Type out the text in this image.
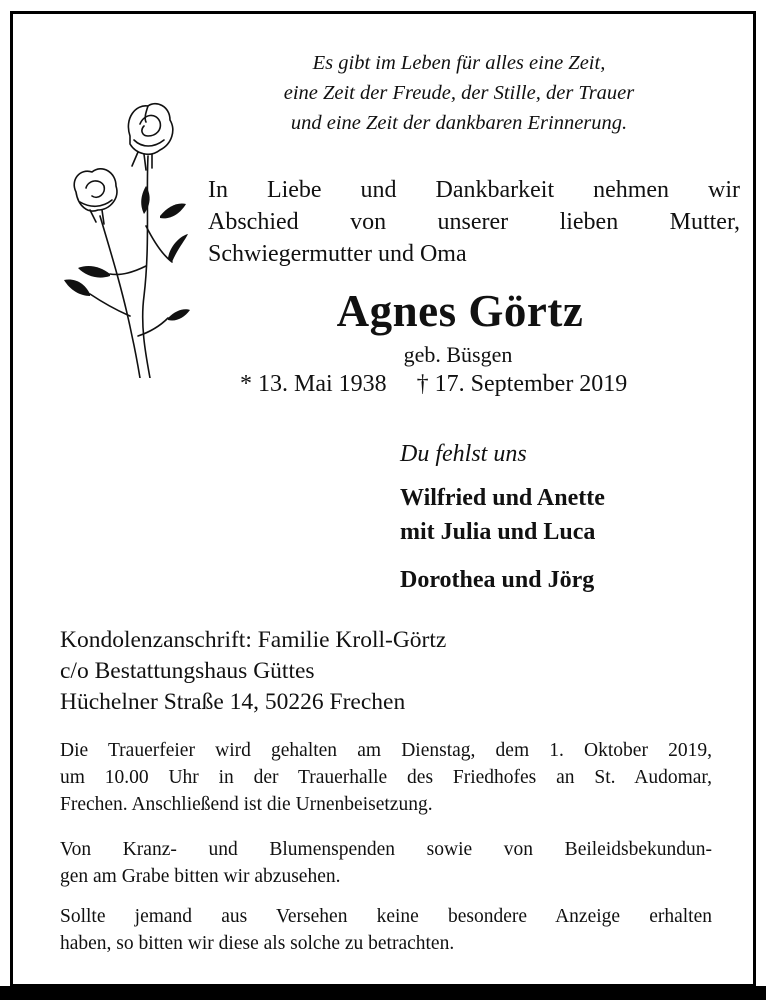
Es gibt im Leben für alles eine Zeit,
eine Zeit der Freude, der Stille, der Trauer
und eine Zeit der dankbaren Erinnerung.
In Liebe und Dankbarkeit nehmen wir
Abschied von unserer lieben Mutter,
Schwiegermutter und Oma
Agnes Görtz
geb. Büsgen
* 13. Mai 1938 † 17. September 2019
Du fehlst uns
Wilfried und Anette
mit Julia und Luca
Dorothea und Jörg
Kondolenzanschrift: Familie Kroll-Görtz
c/o Bestattungshaus Güttes
Hüchelner Straße 14, 50226 Frechen
Die Trauerfeier wird gehalten am Dienstag, dem 1. Oktober 2019,
um 10.00 Uhr in der Trauerhalle des Friedhofes an St. Audomar,
Frechen. Anschließend ist die Urnenbeisetzung.
Von Kranz- und Blumenspenden sowie von Beileidsbekundun-
gen am Grabe bitten wir abzusehen.
Sollte jemand aus Versehen keine besondere Anzeige erhalten
haben, so bitten wir diese als solche zu betrachten.
